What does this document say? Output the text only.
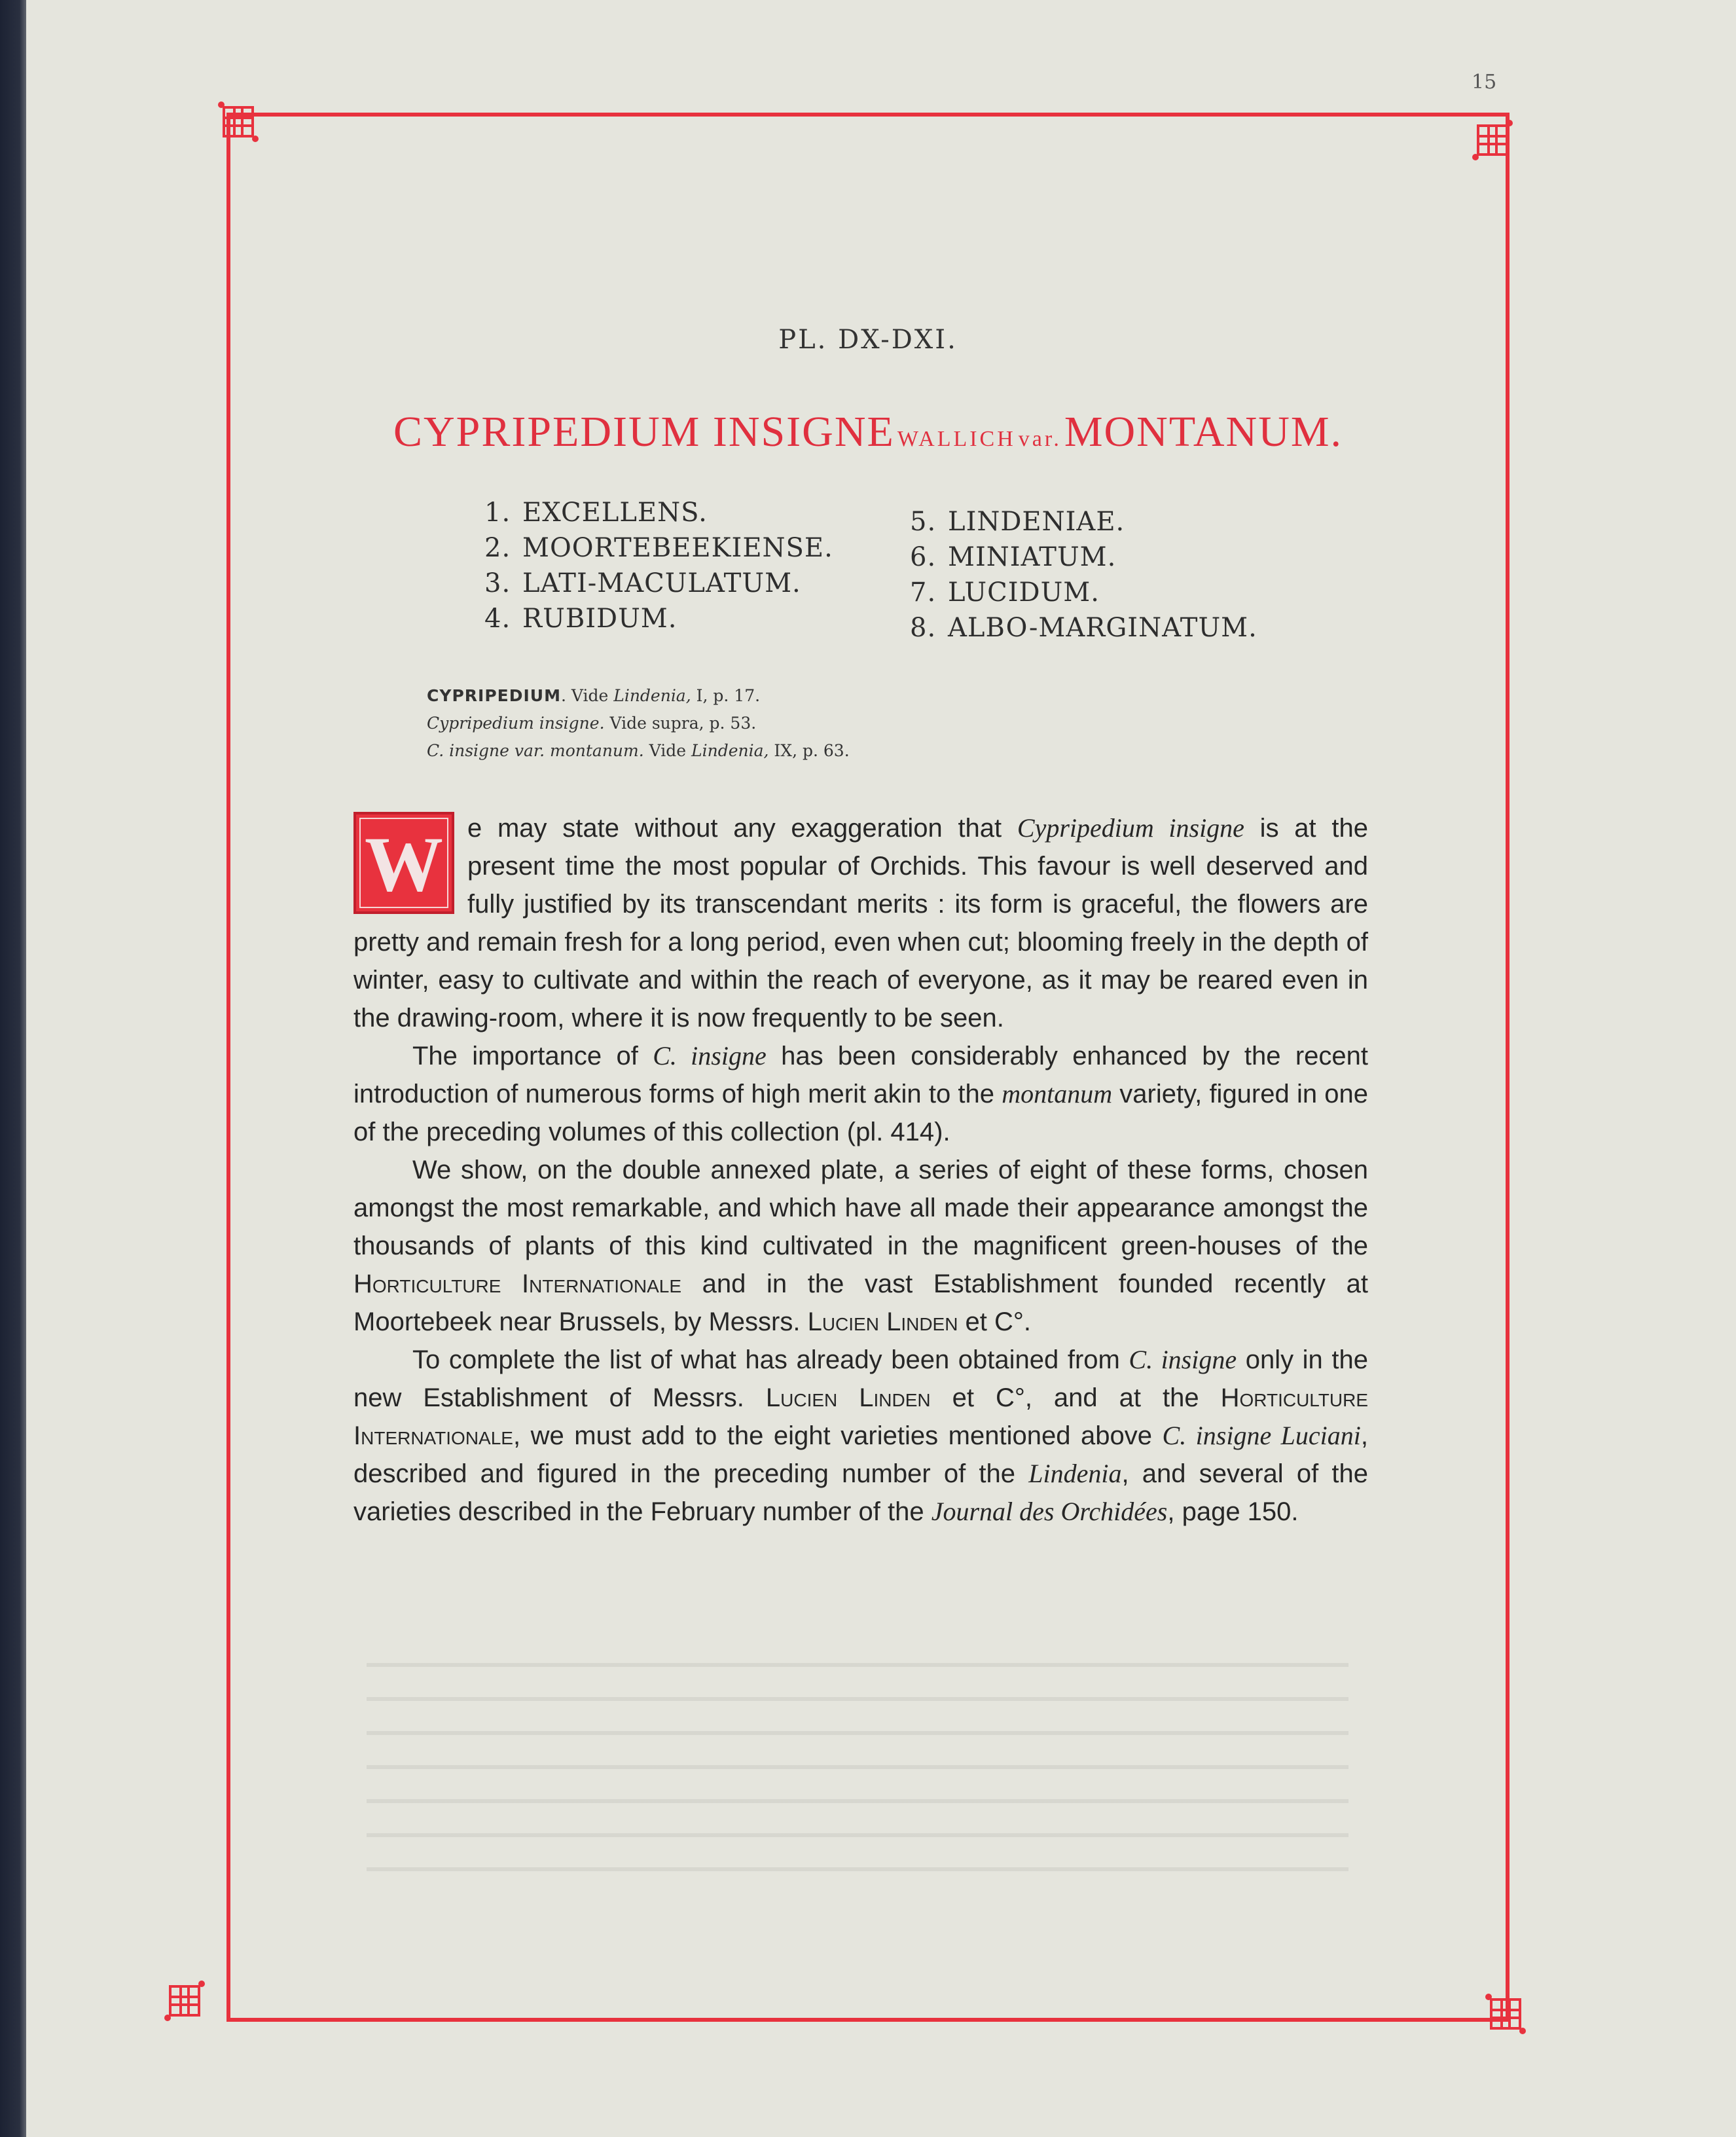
15
PL. DX-DXI.
CYPRIPEDIUM INSIGNE WALLICH var. MONTANUM.
1. EXCELLENS.
2. MOORTEBEEKIENSE.
3. LATI-MACULATUM.
4. RUBIDUM.
5. LINDENIAE.
6. MINIATUM.
7. LUCIDUM.
8. ALBO-MARGINATUM.
CYPRIPEDIUM. Vide Lindenia, I, p. 17.
Cypripedium insigne. Vide supra, p. 53.
C. insigne var. montanum. Vide Lindenia, IX, p. 63.

W e may state without any exaggeration that Cypripedium insigne is at the present time the most popular of Orchids. This favour is well deserved and fully justified by its transcendant merits : its form is graceful, the flowers are pretty and remain fresh for a long period, even when cut; blooming freely in the depth of winter, easy to cultivate and within the reach of everyone, as it may be reared even in the drawing-room, where it is now frequently to be seen.

The importance of C. insigne has been considerably enhanced by the recent introduction of numerous forms of high merit akin to the montanum variety, figured in one of the preceding volumes of this collection (pl. 414).

We show, on the double annexed plate, a series of eight of these forms, chosen amongst the most remarkable, and which have all made their appearance amongst the thousands of plants of this kind cultivated in the magnificent green-houses of the Horticulture Internationale and in the vast Establishment founded recently at Moortebeek near Brussels, by Messrs. Lucien Linden et C°.

To complete the list of what has already been obtained from C. insigne only in the new Establishment of Messrs. Lucien Linden et C°, and at the Horticulture Internationale, we must add to the eight varieties mentioned above C. insigne Luciani, described and figured in the preceding number of the Lindenia, and several of the varieties described in the February number of the Journal des Orchidées, page 150.
